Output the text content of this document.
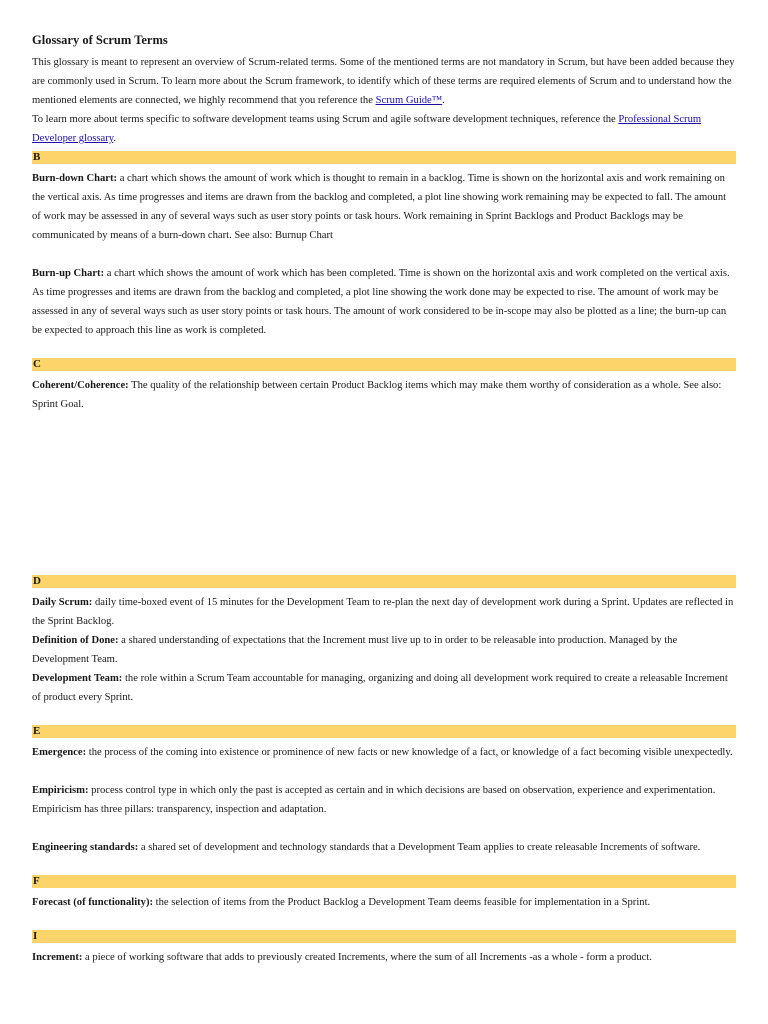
Glossary of Scrum Terms

This glossary is meant to represent an overview of Scrum-related terms. Some of the mentioned terms are not mandatory in Scrum, but have been added because they are commonly used in Scrum. To learn more about the Scrum framework, to identify which of these terms are required elements of Scrum and to understand how the mentioned elements are connected, we highly recommend that you reference the Scrum Guide™.

To learn more about terms specific to software development teams using Scrum and agile software development techniques, reference the Professional Scrum Developer glossary.

B

Burn-down Chart: a chart which shows the amount of work which is thought to remain in a backlog. Time is shown on the horizontal axis and work remaining on the vertical axis. As time progresses and items are drawn from the backlog and completed, a plot line showing work remaining may be expected to fall. The amount of work may be assessed in any of several ways such as user story points or task hours. Work remaining in Sprint Backlogs and Product Backlogs may be communicated by means of a burn-down chart. See also: Burnup Chart

Burn-up Chart: a chart which shows the amount of work which has been completed. Time is shown on the horizontal axis and work completed on the vertical axis. As time progresses and items are drawn from the backlog and completed, a plot line showing the work done may be expected to rise. The amount of work may be assessed in any of several ways such as user story points or task hours. The amount of work considered to be in-scope may also be plotted as a line; the burn-up can be expected to approach this line as work is completed.

C

Coherent/Coherence: The quality of the relationship between certain Product Backlog items which may make them worthy of consideration as a whole. See also: Sprint Goal.

D

Daily Scrum: daily time-boxed event of 15 minutes for the Development Team to re-plan the next day of development work during a Sprint. Updates are reflected in the Sprint Backlog.

Definition of Done: a shared understanding of expectations that the Increment must live up to in order to be releasable into production. Managed by the Development Team.

Development Team: the role within a Scrum Team accountable for managing, organizing and doing all development work required to create a releasable Increment of product every Sprint.

E

Emergence: the process of the coming into existence or prominence of new facts or new knowledge of a fact, or knowledge of a fact becoming visible unexpectedly.

Empiricism: process control type in which only the past is accepted as certain and in which decisions are based on observation, experience and experimentation. Empiricism has three pillars: transparency, inspection and adaptation.

Engineering standards: a shared set of development and technology standards that a Development Team applies to create releasable Increments of software.

F

Forecast (of functionality): the selection of items from the Product Backlog a Development Team deems feasible for implementation in a Sprint.

I

Increment: a piece of working software that adds to previously created Increments, where the sum of all Increments -as a whole - form a product.
